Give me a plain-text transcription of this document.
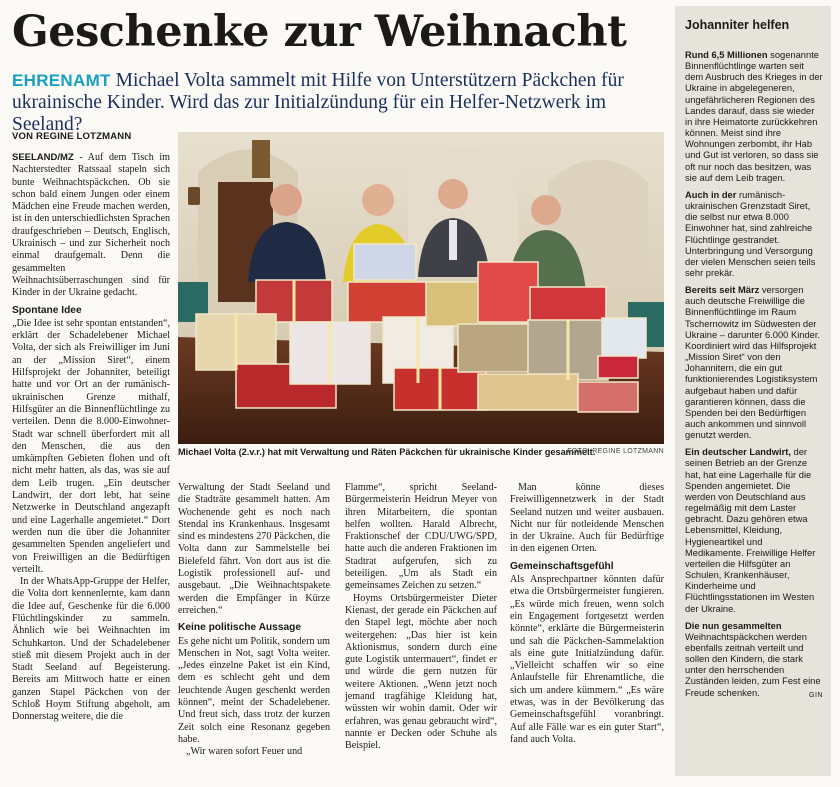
Geschenke zur Weihnacht
EHRENAMT Michael Volta sammelt mit Hilfe von Unterstützern Päckchen für ukrainische Kinder. Wird das zur Initialzündung für ein Helfer-Netzwerk im Seeland?
VON REGINE LOTZMANN

SEELAND/MZ - Auf dem Tisch im Nachterstedter Ratssaal stapeln sich bunte Weihnachtspäckchen. Ob sie schon bald einem Jungen oder einem Mädchen eine Freude machen werden, ist in den unterschiedlichsten Sprachen draufgeschrieben – Deutsch, Englisch, Ukrainisch – und zur Sicherheit noch einmal draufgemalt. Denn die gesammelten Weihnachtsüberraschungen sind für Kinder in der Ukraine gedacht.

Spontane Idee

„Die Idee ist sehr spontan entstanden“, erklärt der Schadelebener Michael Volta, der sich als Freiwilliger im Juni an der „Mission Siret“, einem Hilfsprojekt der Johanniter, beteiligt hatte und vor Ort an der rumänisch-ukrainischen Grenze mithalf, Hilfsgüter an die Binnenflüchtlinge zu verteilen. Denn die 8.000-Einwohner-Stadt war schnell überfordert mit all den Menschen, die aus den umkämpften Gebieten flohen und oft nicht mehr hatten, als das, was sie auf dem Leib trugen. „Ein deutscher Landwirt, der dort lebt, hat seine Netzwerke in Deutschland angezapft und eine Lagerhalle angemietet.“ Dort werden nun die über die Johanniter gesammelten Spenden angeliefert und von Freiwilligen an die Bedürftigen verteilt.

In der WhatsApp-Gruppe der Helfer, die Volta dort kennenlernte, kam dann die Idee auf, Geschenke für die 6.000 Flüchtlingskinder zu sammeln. Ähnlich wie bei Weihnachten im Schuhkarton. Und der Schadelebener stieß mit diesem Projekt auch in der Stadt Seeland auf Begeisterung. Bereits am Mittwoch hatte er einen ganzen Stapel Päckchen von der Schloß Hoym Stiftung abgeholt, am Donnerstag weitere, die die

Michael Volta (2.v.r.) hat mit Verwaltung und Räten Päckchen für ukrainische Kinder gesammelt.
FOTO: REGINE LOTZMANN

Verwaltung der Stadt Seeland und die Stadträte gesammelt hatten. Am Wochenende geht es noch nach Stendal ins Krankenhaus. Insgesamt sind es mindestens 270 Päckchen, die Volta dann zur Sammelstelle bei Bielefeld fährt. Von dort aus ist die Logistik professionell auf- und ausgebaut. „Die Weihnachtspakete werden die Empfänger in Kürze erreichen.“

Keine politische Aussage

Es gehe nicht um Politik, sondern um Menschen in Not, sagt Volta weiter. „Jedes einzelne Paket ist ein Kind, dem es schlecht geht und dem leuchtende Augen geschenkt werden können“, meint der Schadelebener. Und freut sich, dass trotz der kurzen Zeit solch eine Resonanz gegeben habe.

„Wir waren sofort Feuer und

Flamme“, spricht Seeland-Bürgermeisterin Heidrun Meyer von ihren Mitarbeitern, die spontan helfen wollten. Harald Albrecht, Fraktionschef der CDU/UWG/SPD, hatte auch die anderen Fraktionen im Stadtrat aufgerufen, sich zu beteiligen. „Um als Stadt ein gemeinsames Zeichen zu setzen.“

Hoyms Ortsbürgermeister Dieter Kienast, der gerade ein Päckchen auf den Stapel legt, möchte aber noch weitergehen: „Das hier ist kein Aktionismus, sondern durch eine gute Logistik untermauert“, findet er und würde die gern nutzen für weitere Aktionen. „Wenn jetzt noch jemand tragfähige Kleidung hat, wüssten wir wohin damit. Oder wir erfahren, was genau gebraucht wird“, nannte er Decken oder Schuhe als Beispiel.

Man könne dieses Freiwilligennetzwerk in der Stadt Seeland nutzen und weiter ausbauen. Nicht nur für notleidende Menschen in der Ukraine. Auch für Bedürftige in den eigenen Orten.

Gemeinschaftsgefühl

Als Ansprechpartner könnten dafür etwa die Ortsbürgermeister fungieren. „Es würde mich freuen, wenn solch ein Engagement fortgesetzt werden könnte“, erklärte die Bürgermeisterin und sah die Päckchen-Sammelaktion als eine gute Initialzündung dafür. „Vielleicht schaffen wir so eine Anlaufstelle für Ehrenamtliche, die sich um andere kümmern.“ „Es wäre etwas, was in der Bevölkerung das Gemeinschaftsgefühl voranbringt. Auf alle Fälle war es ein guter Start“, fand auch Volta.

Johanniter helfen

Rund 6,5 Millionen sogenannte Binnenflüchtlinge warten seit dem Ausbruch des Krieges in der Ukraine in abgelegeneren, ungefährlicheren Regionen des Landes darauf, dass sie wieder in ihre Heimatorte zurückkehren können. Meist sind ihre Wohnungen zerbombt, ihr Hab und Gut ist verloren, so dass sie oft nur noch das besitzen, was sie auf dem Leib tragen.

Auch in der rumänisch-ukrainischen Grenzstadt Siret, die selbst nur etwa 8.000 Einwohner hat, sind zahlreiche Flüchtlinge gestrandet. Unterbringung und Versorgung der vielen Menschen seien teils sehr prekär.

Bereits seit März versorgen auch deutsche Freiwillige die Binnenflüchtlinge im Raum Tschernowitz im Südwesten der Ukraine – darunter 6.000 Kinder. Koordiniert wird das Hilfsprojekt „Mission Siret“ von den Johannitern, die ein gut funktionierendes Logistiksystem aufgebaut haben und dafür garantieren können, dass die Spenden bei den Bedürftigen auch ankommen und sinnvoll genutzt werden.

Ein deutscher Landwirt, der seinen Betrieb an der Grenze hat, hat eine Lagerhalle für die Spenden angemietet. Die werden von Deutschland aus regelmäßig mit dem Laster gebracht. Dazu gehören etwa Lebensmittel, Kleidung, Hygieneartikel und Medikamente. Freiwillige Helfer verteilen die Hilfsgüter an Schulen, Krankenhäuser, Kinderheime und Flüchtlingsstationen im Westen der Ukraine.

Die nun gesammelten Weihnachtspäckchen werden ebenfalls zeitnah verteilt und sollen den Kindern, die stark unter den herrschenden Zuständen leiden, zum Fest eine Freude schenken.	GIN
